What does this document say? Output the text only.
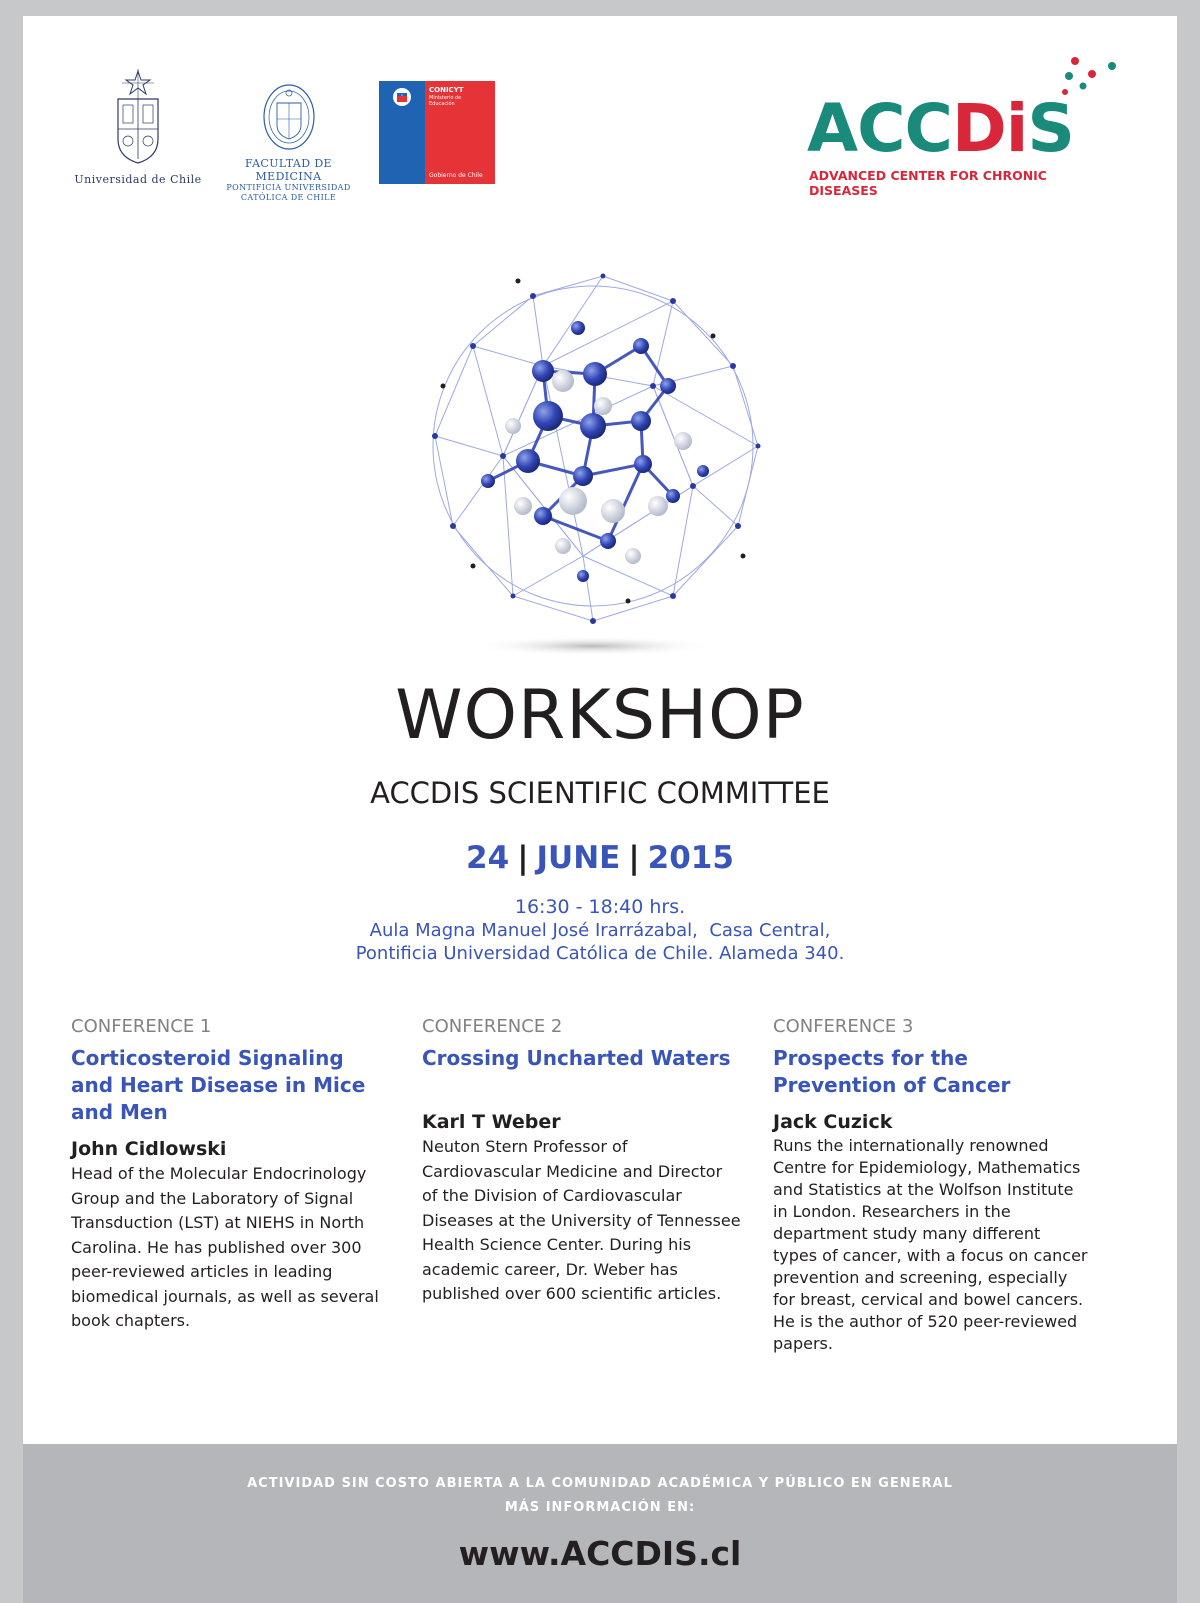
Universidad de Chile
FACULTAD DE MEDICINA
PONTIFICIA UNIVERSIDAD
CATÓLICA DE CHILE
CONICYT
Ministerio de Educación
Gobierno de Chile
ACCDiS
ADVANCED CENTER FOR CHRONIC DISEASES
WORKSHOP
ACCDIS SCIENTIFIC COMMITTEE
24 | JUNE | 2015
16:30 - 18:40 hrs.
Aula Magna Manuel José Irarrázabal,  Casa Central,
Pontificia Universidad Católica de Chile. Alameda 340.
CONFERENCE 1
Corticosteroid Signaling and Heart Disease in Mice and Men
John Cidlowski
Head of the Molecular Endocrinology Group and the Laboratory of Signal Transduction (LST) at NIEHS in North Carolina. He has published over 300 peer-reviewed articles in leading biomedical journals, as well as several book chapters.
CONFERENCE 2
Crossing Uncharted Waters
Karl T Weber
Neuton Stern Professor of Cardiovascular Medicine and Director of the Division of Cardiovascular Diseases at the University of Tennessee Health Science Center. During his academic career, Dr. Weber has published over 600 scientific articles.
CONFERENCE 3
Prospects for the Prevention of Cancer
Jack Cuzick
Runs the internationally renowned Centre for Epidemiology, Mathematics and Statistics at the Wolfson Institute in London. Researchers in the department study many different types of cancer, with a focus on cancer prevention and screening, especially for breast, cervical and bowel cancers. He is the author of 520 peer-reviewed papers.
ACTIVIDAD SIN COSTO ABIERTA A LA COMUNIDAD ACADÉMICA Y PÚBLICO EN GENERAL
MÁS INFORMACIÓN EN:
www.ACCDIS.cl
